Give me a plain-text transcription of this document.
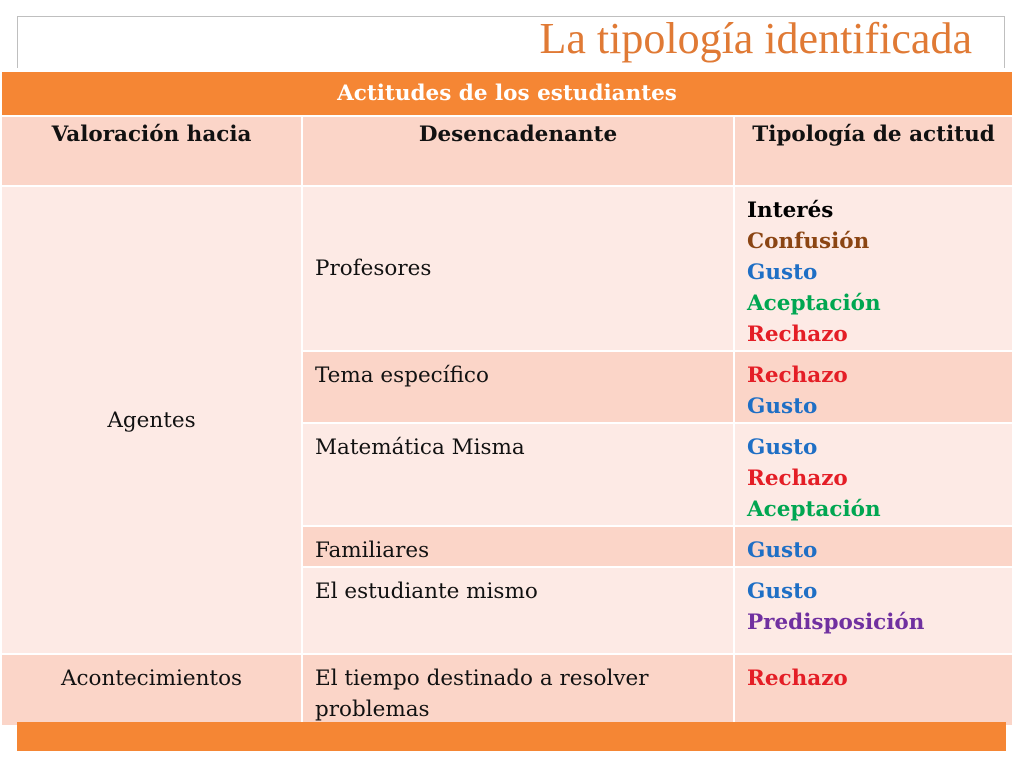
La tipología identificada
Actitudes de los estudiantes		
Valoración hacia	Desencadenante	Tipología de actitud
Agentes	Profesores	Interés
Confusión
Gusto
Aceptación
Rechazo

	Tema específico	Rechazo
Gusto

	Matemática Misma	Gusto
Rechazo
Aceptación

	Familiares	Gusto

	El estudiante mismo	Gusto
Predisposición

Acontecimientos	El tiempo destinado a resolver problemas	Rechazo
